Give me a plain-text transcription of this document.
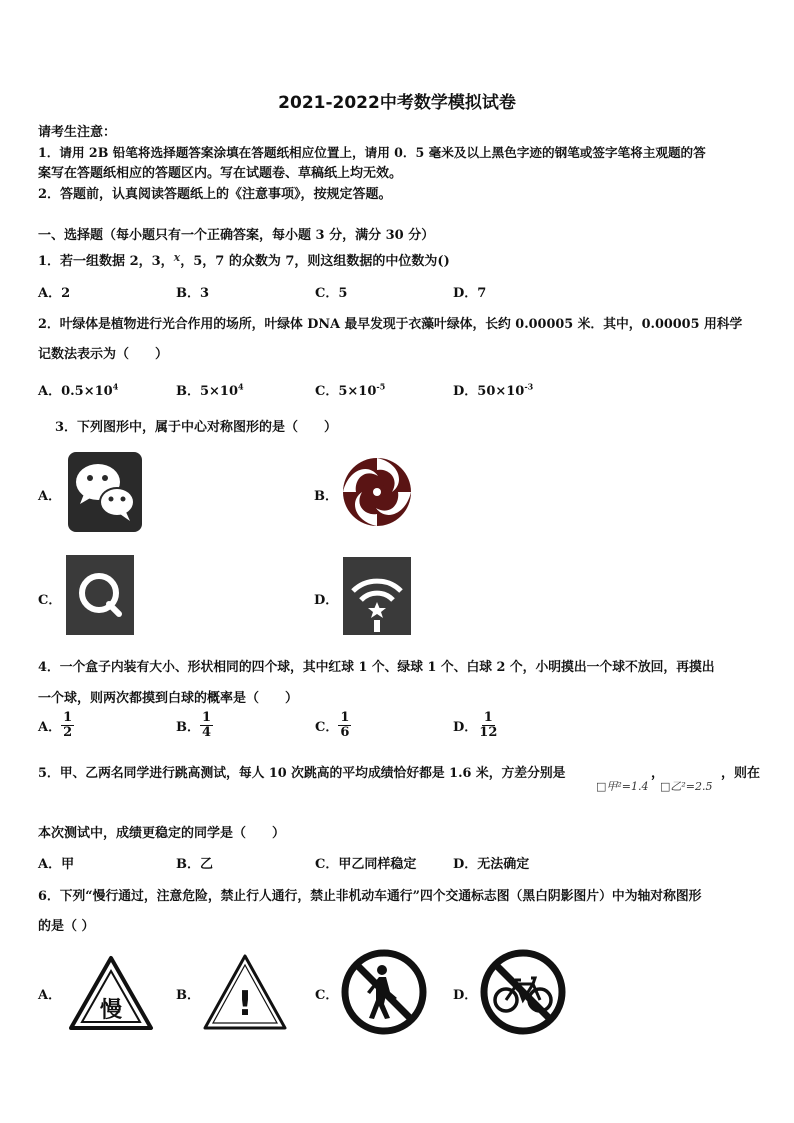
2021-2022中考数学模拟试卷
请考生注意：
1．请用 2B 铅笔将选择题答案涂填在答题纸相应位置上，请用 0．5 毫米及以上黑色字迹的钢笔或签字笔将主观题的答
案写在答题纸相应的答题区内。写在试题卷、草稿纸上均无效。
2．答题前，认真阅读答题纸上的《注意事项》，按规定答题。
一、选择题（每小题只有一个正确答案，每小题 3 分，满分 30 分）
1．若一组数据 2，3，$^x$，5，7 的众数为 7，则这组数据的中位数为()
A．2	B．3	C．5	D．7
2．叶绿体是植物进行光合作用的场所，叶绿体 DNA 最早发现于衣藻叶绿体，长约 0.00005 米．其中，0.00005 用科学
记数法表示为（　　）
A．$0.5\times 10^4$	B．$5\times 10^4$	C．$5\times 10^{-5}$	D．$50\times 10^{-3}$
3．下列图形中，属于中心对称图形的是（　　）
A．	B．
C．	D．
4．一个盒子内装有大小、形状相同的四个球，其中红球 1 个、绿球 1 个、白球 2 个，小明摸出一个球不放回，再摸出
一个球，则两次都摸到白球的概率是（　　）
A． $\frac{1}{2}$	B． $\frac{1}{4}$	C． $\frac{1}{6}$	D． $\frac{1}{12}$
5．甲、乙两名同学进行跳高测试，每人 10 次跳高的平均成绩恰好都是 1.6 米，方差分别是	，	，则在
□甲²=1.4 □乙²=2.5
本次测试中，成绩更稳定的同学是（　　）
A．甲	B．乙	C．甲乙同样稳定	D．无法确定
6．下列“慢行通过，注意危险，禁止行人通行，禁止非机动车通行”四个交通标志图（黑白阴影图片）中为轴对称图形
的是（ ）
A．	B．	C．	D．
慢	!
